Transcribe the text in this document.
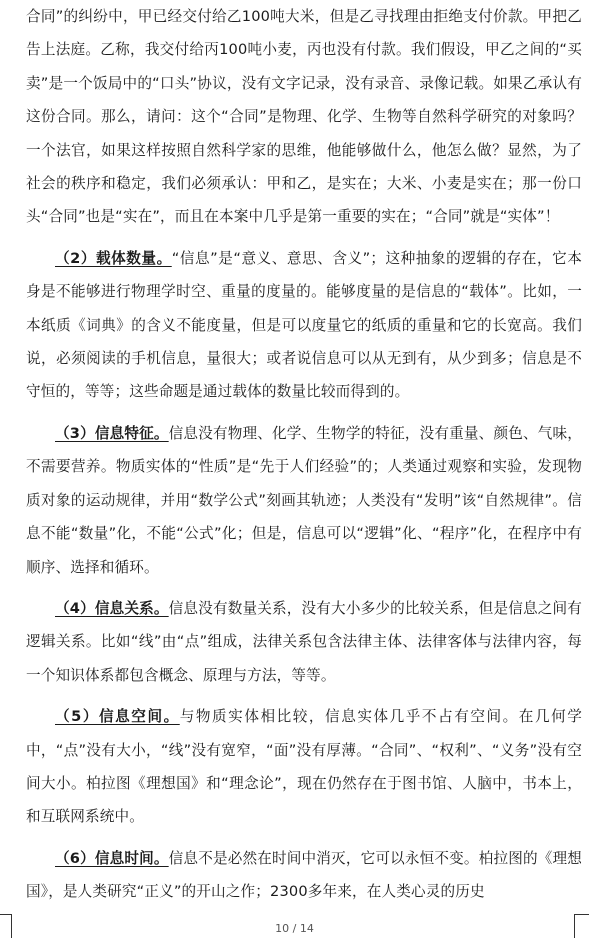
合同”的纠纷中，甲已经交付给乙100吨大米，但是乙寻找理由拒绝支付价款。甲把乙告上法庭。乙称，我交付给丙100吨小麦，丙也没有付款。我们假设，甲乙之间的“买卖”是一个饭局中的“口头”协议，没有文字记录，没有录音、录像记载。如果乙承认有这份合同。那么，请问：这个“合同”是物理、化学、生物等自然科学研究的对象吗？一个法官，如果这样按照自然科学家的思维，他能够做什么，他怎么做？显然，为了社会的秩序和稳定，我们必须承认：甲和乙，是实在；大米、小麦是实在；那一份口头“合同”也是“实在”，而且在本案中几乎是第一重要的实在；“合同”就是“实体”！

（2）载体数量。“信息”是“意义、意思、含义”；这种抽象的逻辑的存在，它本身是不能够进行物理学时空、重量的度量的。能够度量的是信息的“载体”。比如，一本纸质《词典》的含义不能度量，但是可以度量它的纸质的重量和它的长宽高。我们说，必须阅读的手机信息，量很大；或者说信息可以从无到有，从少到多；信息是不守恒的，等等；这些命题是通过载体的数量比较而得到的。

（3）信息特征。信息没有物理、化学、生物学的特征，没有重量、颜色、气味，不需要营养。物质实体的“性质”是“先于人们经验”的；人类通过观察和实验，发现物质对象的运动规律，并用“数学公式”刻画其轨迹；人类没有“发明”该“自然规律”。信息不能“数量”化，不能“公式”化；但是，信息可以“逻辑”化、“程序”化，在程序中有顺序、选择和循环。

（4）信息关系。信息没有数量关系，没有大小多少的比较关系，但是信息之间有逻辑关系。比如“线”由“点”组成，法律关系包含法律主体、法律客体与法律内容，每一个知识体系都包含概念、原理与方法，等等。

（5）信息空间。与物质实体相比较，信息实体几乎不占有空间。在几何学中，“点”没有大小，“线”没有宽窄，“面”没有厚薄。“合同”、“权利”、“义务”没有空间大小。柏拉图《理想国》和“理念论”，现在仍然存在于图书馆、人脑中，书本上，和互联网系统中。

（6）信息时间。信息不是必然在时间中消灭，它可以永恒不变。柏拉图的《理想国》，是人类研究“正义”的开山之作；2300多年来，在人类心灵的历史

10 / 14
